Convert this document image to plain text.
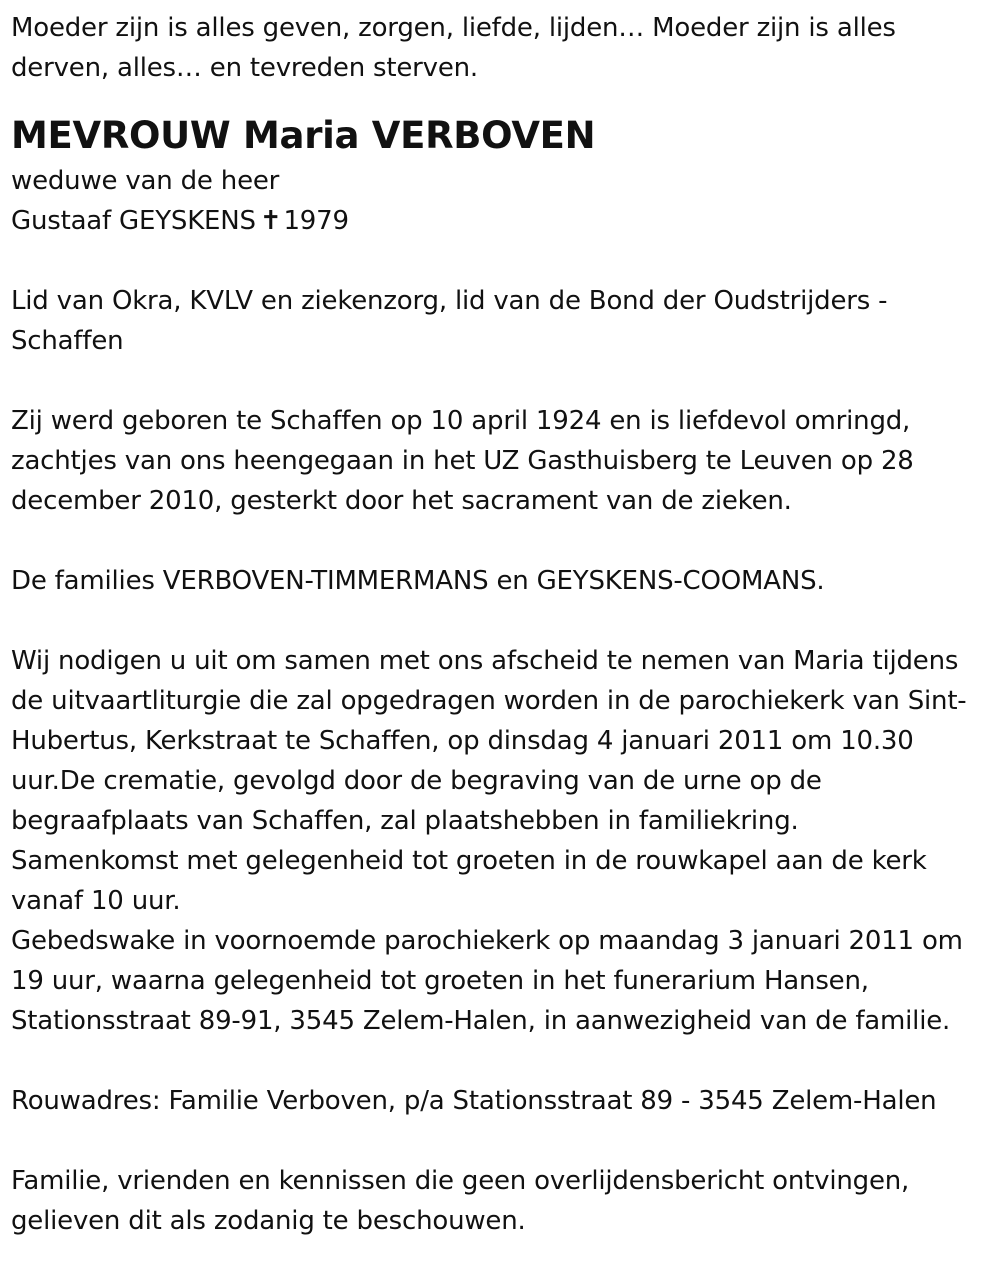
Moeder zijn is alles geven, zorgen, liefde, lijden… Moeder zijn is alles derven, alles… en tevreden sterven.

MEVROUW Maria VERBOVEN

weduwe van de heer

Gustaaf GEYSKENS ✝1979

Lid van Okra, KVLV en ziekenzorg, lid van de Bond der Oudstrijders - Schaffen

Zij werd geboren te Schaffen op 10 april 1924 en is liefdevol omringd, zachtjes van ons heengegaan in het UZ Gasthuisberg te Leuven op 28 december 2010, gesterkt door het sacrament van de zieken.

De families VERBOVEN-TIMMERMANS en GEYSKENS-COOMANS.

Wij nodigen u uit om samen met ons afscheid te nemen van Maria tijdens de uitvaartliturgie die zal opgedragen worden in de parochiekerk van Sint-Hubertus, Kerkstraat te Schaffen, op dinsdag 4 januari 2011 om 10.30 uur.De crematie, gevolgd door de begraving van de urne op de begraafplaats van Schaffen, zal plaatshebben in familiekring.

Samenkomst met gelegenheid tot groeten in de rouwkapel aan de kerk vanaf 10 uur.

Gebedswake in voornoemde parochiekerk op maandag 3 januari 2011 om 19 uur, waarna gelegenheid tot groeten in het funerarium Hansen, Stationsstraat 89-91, 3545 Zelem-Halen, in aanwezigheid van de familie.

Rouwadres: Familie Verboven, p/a Stationsstraat 89 - 3545 Zelem-Halen

Familie, vrienden en kennissen die geen overlijdensbericht ontvingen, gelieven dit als zodanig te beschouwen.
